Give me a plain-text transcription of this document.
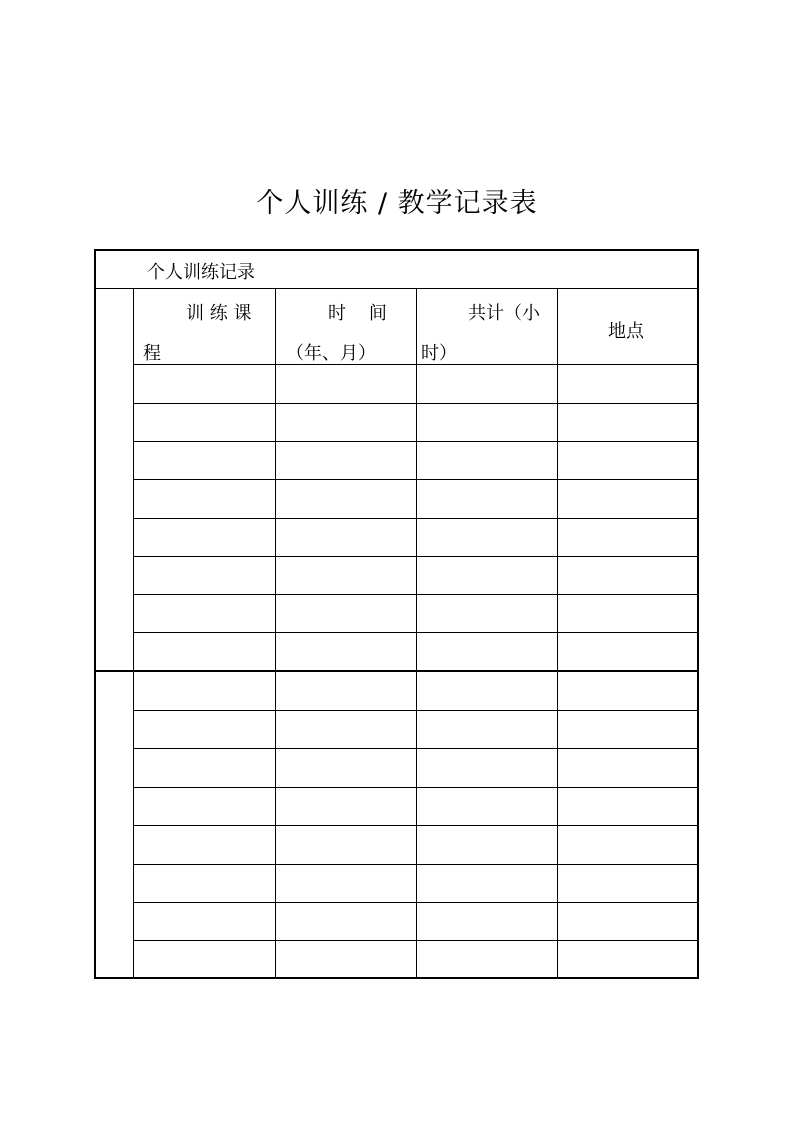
个人训练 / 教学记录表
个人训练记录
训 练 课
程
时    间
（年、月）
共计（小
时）
地点
